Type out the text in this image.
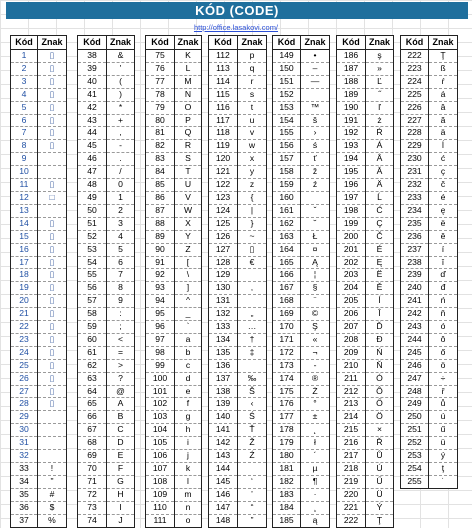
KÓD (CODE)
http://office.lasakovi.com/
Kód	Znak
1	▯
2	▯
3	▯
4	▯
5	▯
6	▯
7	▯
8	▯
9	
10	
11	▯
12	□
13	
14	▯
15	▯
16	▯
17	▯
18	▯
19	▯
20	▯
21	▯
22	▯
23	▯
24	▯
25	▯
26	▯
27	▯
28	▯
29	
30	
31	
32	
33	!
34	"
35	#
36	$
37	%
Kód	Znak
38	&
39	'
40	(
41	)
42	*
43	+
44	,
45	-
46	.
47	/
48	0
49	1
50	2
51	3
52	4
53	5
54	6
55	7
56	8
57	9
58	:
59	;
60	<
61	=
62	>
63	?
64	@
65	A
66	B
67	C
68	D
69	E
70	F
71	G
72	H
73	I
74	J
Kód	Znak
75	K
76	L
77	M
78	N
79	O
80	P
81	Q
82	R
83	S
84	T
85	U
86	V
87	W
88	X
89	Y
90	Z
91	[
92	\
93	]
94	^
95	_
96	`
97	a
98	b
99	c
100	d
101	e
102	f
103	g
104	h
105	i
106	j
107	k
108	l
109	m
110	n
111	o
Kód	Znak
112	p
113	q
114	r
115	s
116	t
117	u
118	v
119	w
120	x
121	y
122	z
123	{
124	|
125	}
126	~
127	▯
128	€
129	
130	‚
131	
132	„
133	…
134	†
135	‡
136	
137	‰
138	Š
139	‹
140	Ś
141	Ť
142	Ž
143	Ź
144	
145	‘
146	’
147	“
148	”
Kód	Znak
149	•
150	–
151	—
152	
153	™
154	š
155	›
156	ś
157	ť
158	ž
159	ź
160	
161	ˇ
162	˘
163	Ł
164	¤
165	Ą
166	¦
167	§
168	¨
169	©
170	Ş
171	«
172	¬
173	-
174	®
175	Ż
176	°
177	±
178	˛
179	ł
180	´
181	µ
182	¶
183	·
184	¸
185	ą
Kód	Znak
186	ş
187	»
188	Ľ
189	˝
190	ľ
191	ż
192	Ŕ
193	Á
194	Â
195	Ă
196	Ä
197	Ĺ
198	Ć
199	Ç
200	Č
201	É
202	Ę
203	Ë
204	Ě
205	Í
206	Î
207	Ď
208	Đ
209	Ń
210	Ň
211	Ó
212	Ô
213	Ő
214	Ö
215	×
216	Ř
217	Ů
218	Ú
219	Ű
220	Ü
221	Ý
222	Ţ
Kód	Znak
222	Ţ
223	ß
224	ŕ
225	á
226	â
227	ă
228	ä
229	ĺ
230	ć
231	ç
232	č
233	é
234	ę
235	ë
236	ě
237	í
238	î
239	ď
240	đ
241	ń
242	ň
243	ó
244	ô
245	ő
246	ö
247	÷
248	ř
249	ů
250	ú
251	ű
252	ü
253	ý
254	ţ
255	˙
